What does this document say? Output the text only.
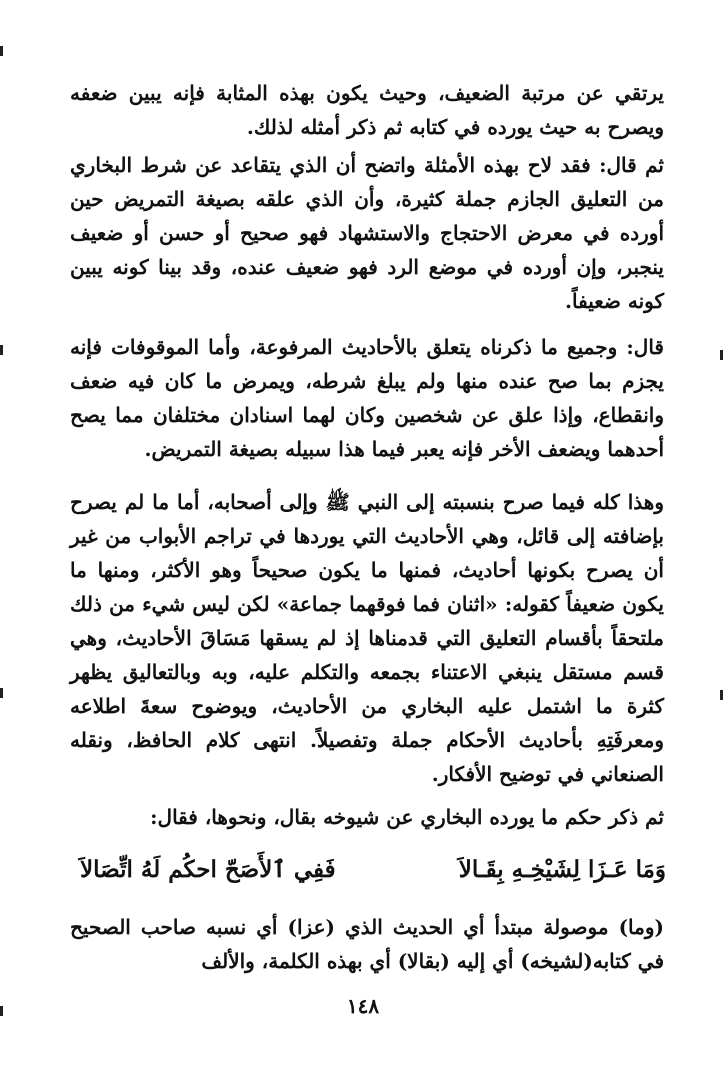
يرتقي عن مرتبة الضعيف، وحيث يكون بهذه المثابة فإنه يبين ضعفه ويصرح به حيث يورده في كتابه ثم ذكر أمثله لذلك.

ثم قال: فقد لاح بهذه الأمثلة واتضح أن الذي يتقاعد عن شرط البخاري من التعليق الجازم جملة كثيرة، وأن الذي علقه بصيغة التمريض حين أورده في معرض الاحتجاج والاستشهاد فهو صحيح أو حسن أو ضعيف ينجبر، وإن أورده في موضع الرد فهو ضعيف عنده، وقد بينا كونه يبين كونه ضعيفاً.

قال: وجميع ما ذكرناه يتعلق بالأحاديث المرفوعة، وأما الموقوفات فإنه يجزم بما صح عنده منها ولم يبلغ شرطه، ويمرض ما كان فيه ضعف وانقطاع، وإذا علق عن شخصين وكان لهما اسنادان مختلفان مما يصح أحدهما ويضعف الأخر فإنه يعبر فيما هذا سبيله بصيغة التمريض.

وهذا كله فيما صرح بنسبته إلى النبي ﷺ وإلى أصحابه، أما ما لم يصرح بإضافته إلى قائل، وهي الأحاديث التي يوردها في تراجم الأبواب من غير أن يصرح بكونها أحاديث، فمنها ما يكون صحيحاً وهو الأكثر، ومنها ما يكون ضعيفاً كقوله: «اثنان فما فوقهما جماعة» لكن ليس شيء من ذلك ملتحقاً بأقسام التعليق التي قدمناها إذ لم يسقها مَسَاقَ الأحاديث، وهي قسم مستقل ينبغي الاعتناء بجمعه والتكلم عليه، وبه وبالتعاليق يظهر كثرة ما اشتمل عليه البخاري من الأحاديث، ويوضوح سعةَ اطلاعه ومعرفَتِهِ بأحاديث الأحكام جملة وتفصيلاً. انتهى كلام الحافظ، ونقله الصنعاني في توضيح الأفكار.

ثم ذكر حكم ما يورده البخاري عن شيوخه بقال، ونحوها، فقال:

وَمَا عَـزَا لِشَيْخِـهِ بِقَـالاَ
فَفِي ٱلأَصَحّ احكُم لَهُ اتِّصَالاَ

(وما) موصولة مبتدأ أي الحديث الذي (عزا) أي نسبه صاحب الصحيح في كتابه(لشيخه) أي إليه (بقالا) أي بهذه الكلمة، والألف

١٤٨
